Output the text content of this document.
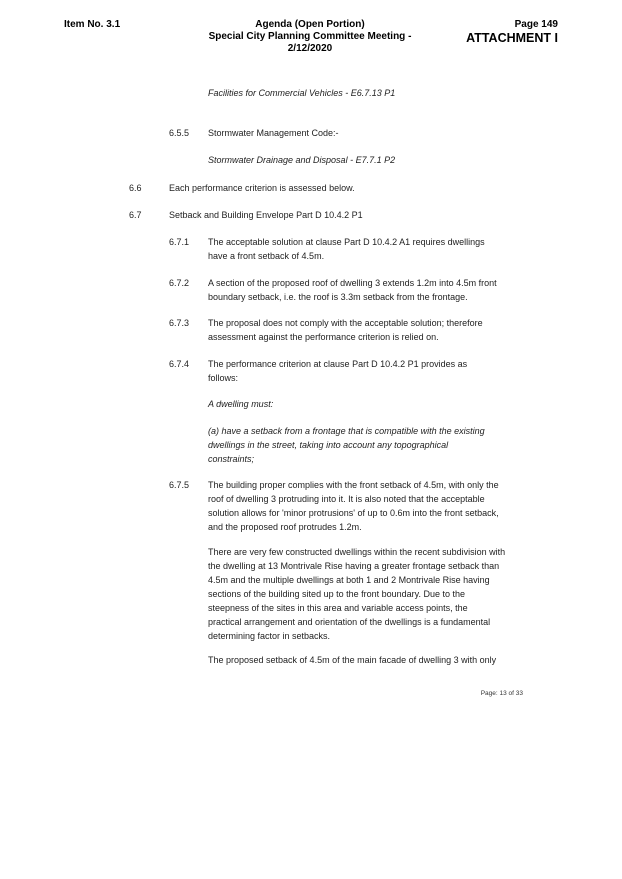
Item No. 3.1	Agenda (Open Portion)
Special City Planning Committee Meeting - 2/12/2020
Page 149
ATTACHMENT I
Facilities for Commercial Vehicles - E6.7.13 P1
6.5.5 Stormwater Management Code:-
Stormwater Drainage and Disposal - E7.7.1 P2
6.6	Each performance criterion is assessed below.
6.7	Setback and Building Envelope Part D 10.4.2 P1
6.7.1 The acceptable solution at clause Part D 10.4.2 A1 requires dwellings
have a front setback of 4.5m.
6.7.2 A section of the proposed roof of dwelling 3 extends 1.2m into 4.5m front
boundary setback, i.e. the roof is 3.3m setback from the frontage.
6.7.3 The proposal does not comply with the acceptable solution; therefore
assessment against the performance criterion is relied on.
6.7.4 The performance criterion at clause Part D 10.4.2 P1 provides as
follows:
A dwelling must:
(a) have a setback from a frontage that is compatible with the existing
dwellings in the street, taking into account any topographical
constraints;
6.7.5 The building proper complies with the front setback of 4.5m, with only the
roof of dwelling 3 protruding into it. It is also noted that the acceptable
solution allows for 'minor protrusions' of up to 0.6m into the front setback,
and the proposed roof protrudes 1.2m.
There are very few constructed dwellings within the recent subdivision with
the dwelling at 13 Montrivale Rise having a greater frontage setback than
4.5m and the multiple dwellings at both 1 and 2 Montrivale Rise having
sections of the building sited up to the front boundary. Due to the
steepness of the sites in this area and variable access points, the
practical arrangement and orientation of the dwellings is a fundamental
determining factor in setbacks.
The proposed setback of 4.5m of the main facade of dwelling 3 with only
Page: 13 of 33
